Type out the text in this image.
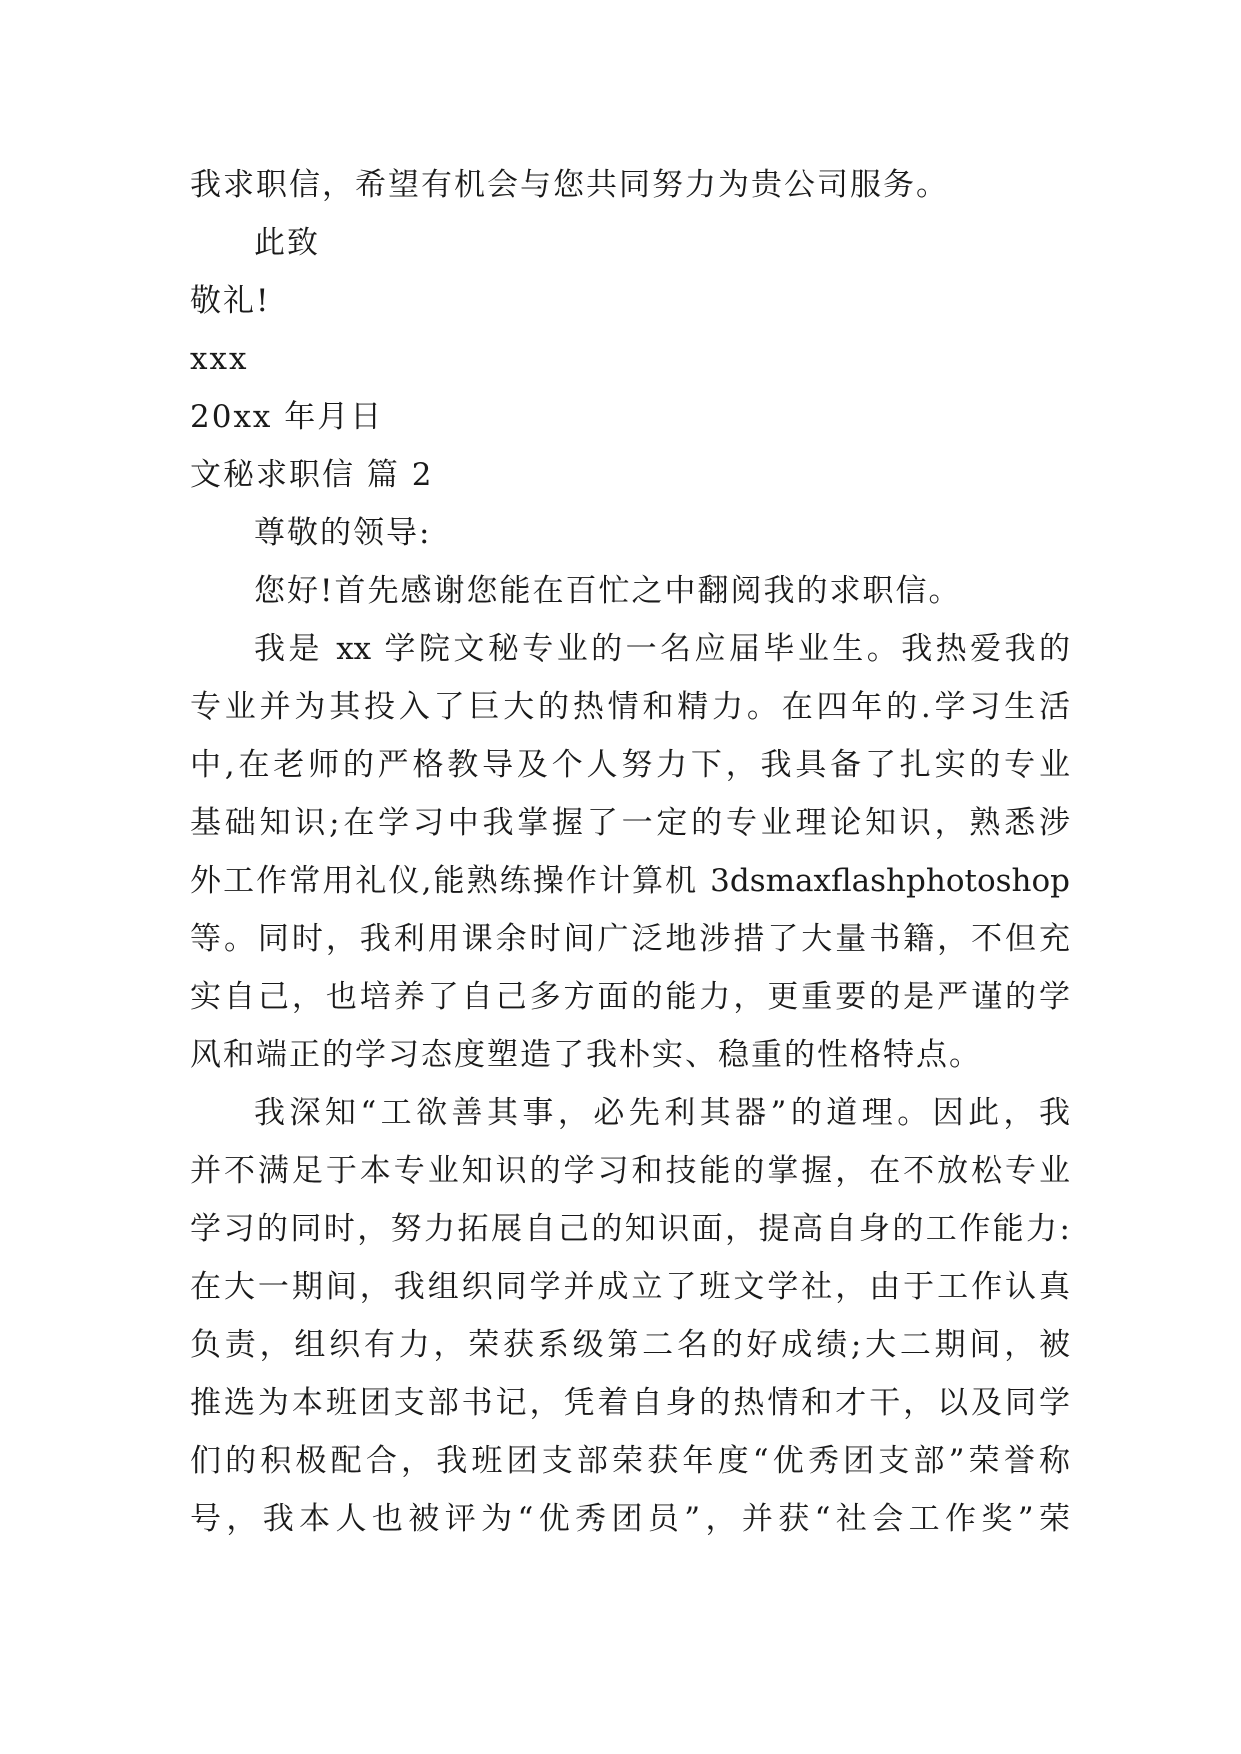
我求职信，希望有机会与您共同努力为贵公司服务。
此致
敬礼!
xxx
20xx 年月日
文秘求职信 篇 2
尊敬的领导:
您好!首先感谢您能在百忙之中翻阅我的求职信。
我是 xx 学院文秘专业的一名应届毕业生。我热爱我的
专业并为其投入了巨大的热情和精力。在四年的.学习生活
中,在老师的严格教导及个人努力下，我具备了扎实的专业
基础知识;在学习中我掌握了一定的专业理论知识，熟悉涉
外工作常用礼仪,能熟练操作计算机 3dsmaxflashphotoshop
等。同时，我利用课余时间广泛地涉措了大量书籍，不但充
实自己，也培养了自己多方面的能力，更重要的是严谨的学
风和端正的学习态度塑造了我朴实、稳重的性格特点。
我深知“工欲善其事，必先利其器”的道理。因此，我
并不满足于本专业知识的学习和技能的掌握，在不放松专业
学习的同时，努力拓展自己的知识面，提高自身的工作能力:
在大一期间，我组织同学并成立了班文学社，由于工作认真
负责，组织有力，荣获系级第二名的好成绩;大二期间，被
推选为本班团支部书记，凭着自身的热情和才干，以及同学
们的积极配合，我班团支部荣获年度“优秀团支部”荣誉称
号，我本人也被评为“优秀团员”，并获“社会工作奖”荣
